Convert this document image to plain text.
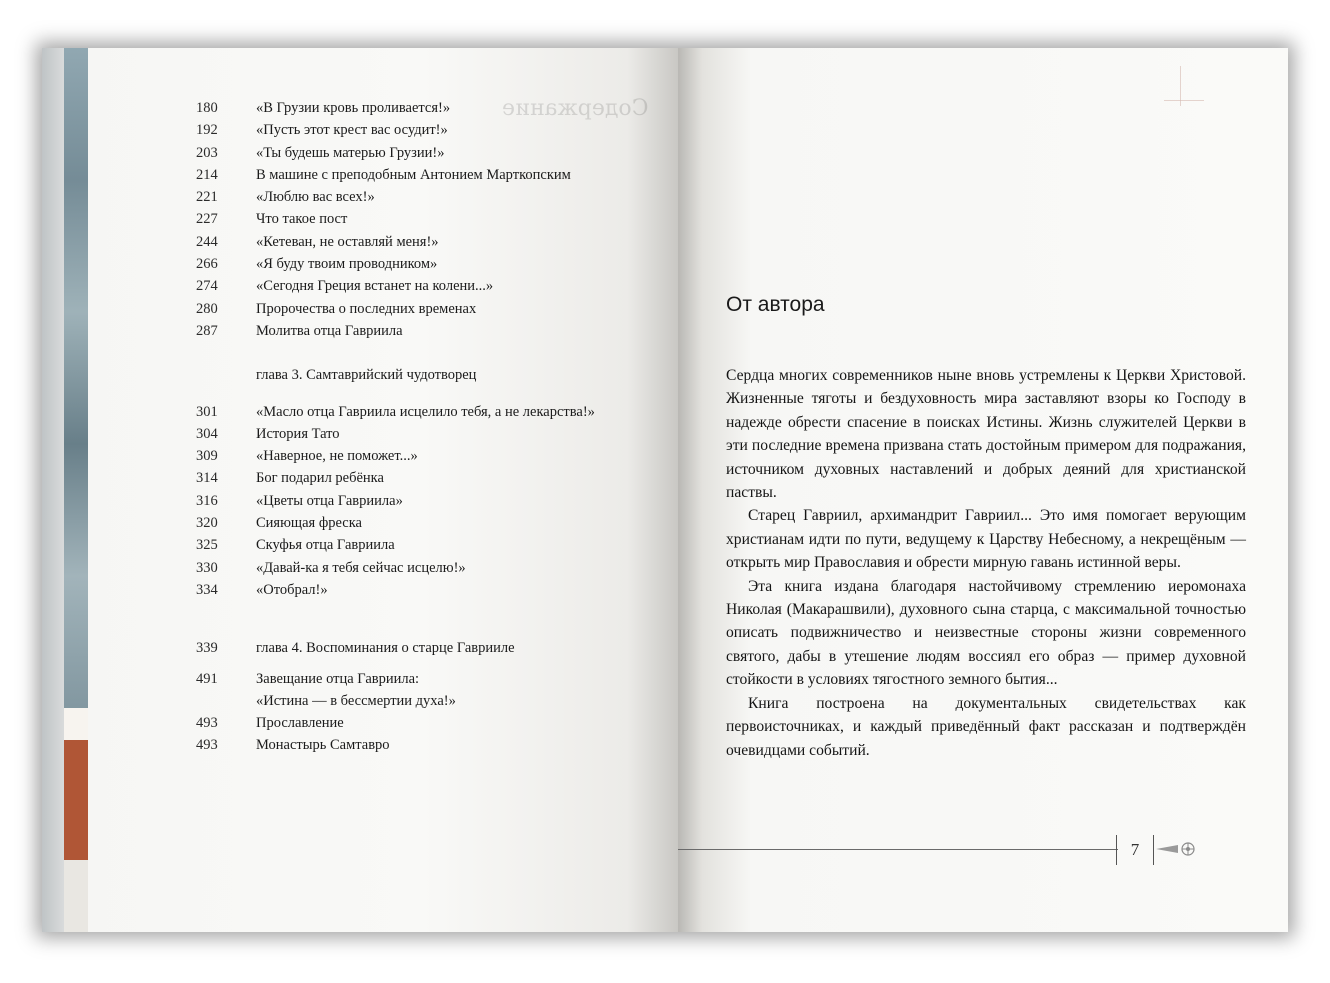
Содержание
180	«В Грузии кровь проливается!»
192	«Пусть этот крест вас осудит!»
203	«Ты будешь матерью Грузии!»
214	В машине с преподобным Антонием Марткопским
221	«Люблю вас всех!»
227	Что такое пост
244	«Кетеван, не оставляй меня!»
266	«Я буду твоим проводником»
274	«Сегодня Греция встанет на колени...»
280	Пророчества о последних временах
287	Молитва отца Гавриила
глава 3. Самтаврийский чудотворец
301	«Масло отца Гавриила исцелило тебя, а не лекарства!»
304	История Тато
309	«Наверное, не поможет...»
314	Бог подарил ребёнка
316	«Цветы отца Гавриила»
320	Сияющая фреска
325	Скуфья отца Гавриила
330	«Давай-ка я тебя сейчас исцелю!»
334	«Отобрал!»
339	глава 4. Воспоминания о старце Гаврииле
491	Завещание отца Гавриила:
«Истина — в бессмертии духа!»
493	Прославление
493	Монастырь Самтавро
От автора

Сердца многих современников ныне вновь устремлены к Церкви Христовой. Жизненные тяготы и бездуховность мира заставляют взоры ко Господу в надежде обрести спасение в поисках Истины. Жизнь служителей Церкви в эти последние времена призвана стать достойным примером для подражания, источником духовных наставлений и добрых деяний для христианской паствы.

Старец Гавриил, архимандрит Гавриил... Это имя помогает верующим христианам идти по пути, ведущему к Царству Небесному, а некрещёным — открыть мир Православия и обрести мирную гавань истинной веры.

Эта книга издана благодаря настойчивому стремлению иеромонаха Николая (Макарашвили), духовного сына старца, с максимальной точностью описать подвижничество и неизвестные стороны жизни современного святого, дабы в утешение людям воссиял его образ — пример духовной стойкости в условиях тягостного земного бытия...

Книга построена на документальных свидетельствах как первоисточниках, и каждый приведённый факт рассказан и подтверждён очевидцами событий.

7
